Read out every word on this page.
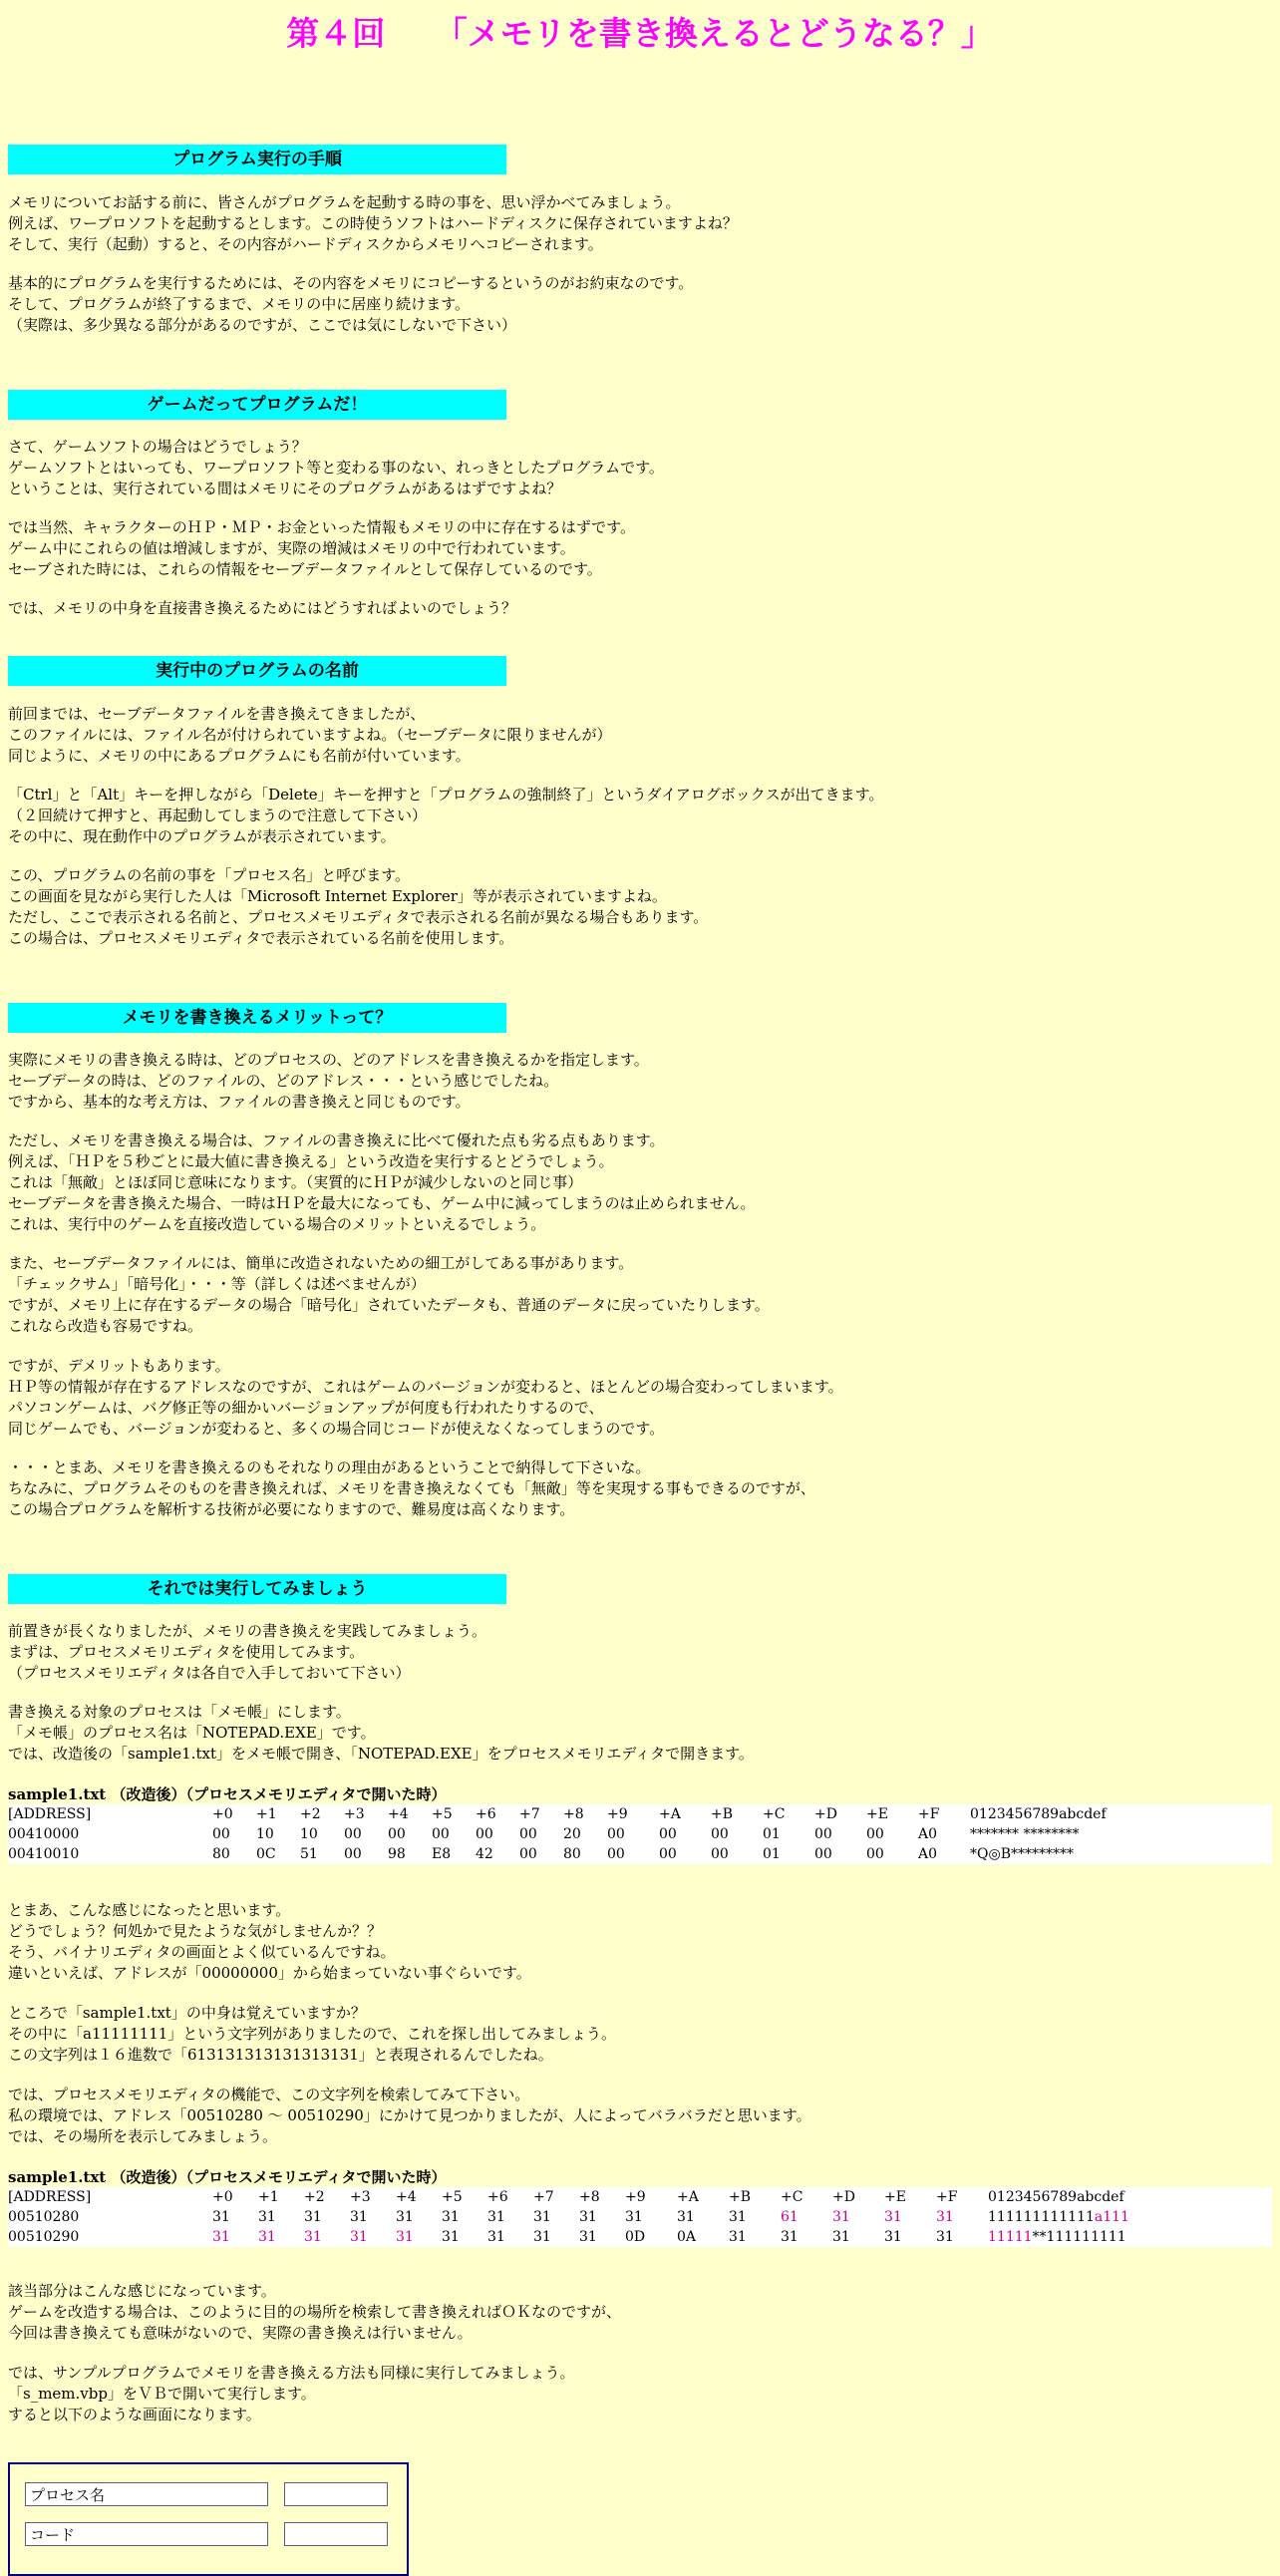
第４回　　「メモリを書き換えるとどうなる？」
プログラム実行の手順
メモリについてお話する前に、皆さんがプログラムを起動する時の事を、思い浮かべてみましょう。
例えば、ワープロソフトを起動するとします。この時使うソフトはハードディスクに保存されていますよね？
そして、実行（起動）すると、その内容がハードディスクからメモリへコピーされます。
基本的にプログラムを実行するためには、その内容をメモリにコピーするというのがお約束なのです。
そして、プログラムが終了するまで、メモリの中に居座り続けます。
（実際は、多少異なる部分があるのですが、ここでは気にしないで下さい）
ゲームだってプログラムだ！
さて、ゲームソフトの場合はどうでしょう？
ゲームソフトとはいっても、ワープロソフト等と変わる事のない、れっきとしたプログラムです。
ということは、実行されている間はメモリにそのプログラムがあるはずですよね？
では当然、キャラクターのＨＰ・ＭＰ・お金といった情報もメモリの中に存在するはずです。
ゲーム中にこれらの値は増減しますが、実際の増減はメモリの中で行われています。
セーブされた時には、これらの情報をセーブデータファイルとして保存しているのです。
では、メモリの中身を直接書き換えるためにはどうすればよいのでしょう？
実行中のプログラムの名前
前回までは、セーブデータファイルを書き換えてきましたが、
このファイルには、ファイル名が付けられていますよね。（セーブデータに限りませんが）
同じように、メモリの中にあるプログラムにも名前が付いています。
「Ctrl」と「Alt」キーを押しながら「Delete」キーを押すと「プログラムの強制終了」というダイアログボックスが出てきます。
（２回続けて押すと、再起動してしまうので注意して下さい）
その中に、現在動作中のプログラムが表示されています。
この、プログラムの名前の事を「プロセス名」と呼びます。
この画面を見ながら実行した人は「Microsoft Internet Explorer」等が表示されていますよね。
ただし、ここで表示される名前と、プロセスメモリエディタで表示される名前が異なる場合もあります。
この場合は、プロセスメモリエディタで表示されている名前を使用します。
メモリを書き換えるメリットって？
実際にメモリの書き換える時は、どのプロセスの、どのアドレスを書き換えるかを指定します。
セーブデータの時は、どのファイルの、どのアドレス・・・という感じでしたね。
ですから、基本的な考え方は、ファイルの書き換えと同じものです。
ただし、メモリを書き換える場合は、ファイルの書き換えに比べて優れた点も劣る点もあります。
例えば、「ＨＰを５秒ごとに最大値に書き換える」という改造を実行するとどうでしょう。
これは「無敵」とほぼ同じ意味になります。（実質的にＨＰが減少しないのと同じ事）
セーブデータを書き換えた場合、一時はＨＰを最大になっても、ゲーム中に減ってしまうのは止められません。
これは、実行中のゲームを直接改造している場合のメリットといえるでしょう。
また、セーブデータファイルには、簡単に改造されないための細工がしてある事があります。
「チェックサム」「暗号化」・・・等（詳しくは述べませんが）
ですが、メモリ上に存在するデータの場合「暗号化」されていたデータも、普通のデータに戻っていたりします。
これなら改造も容易ですね。
ですが、デメリットもあります。
ＨＰ等の情報が存在するアドレスなのですが、これはゲームのバージョンが変わると、ほとんどの場合変わってしまいます。
パソコンゲームは、バグ修正等の細かいバージョンアップが何度も行われたりするので、
同じゲームでも、バージョンが変わると、多くの場合同じコードが使えなくなってしまうのです。
・・・とまあ、メモリを書き換えるのもそれなりの理由があるということで納得して下さいな。
ちなみに、プログラムそのものを書き換えれば、メモリを書き換えなくても「無敵」等を実現する事もできるのですが、
この場合プログラムを解析する技術が必要になりますので、難易度は高くなります。
それでは実行してみましょう
前置きが長くなりましたが、メモリの書き換えを実践してみましょう。
まずは、プロセスメモリエディタを使用してみます。
（プロセスメモリエディタは各自で入手しておいて下さい）
書き換える対象のプロセスは「メモ帳」にします。
「メモ帳」のプロセス名は「NOTEPAD.EXE」です。
では、改造後の「sample1.txt」をメモ帳で開き、「NOTEPAD.EXE」をプロセスメモリエディタで開きます。
sample1.txt （改造後）（プロセスメモリエディタで開いた時）
[ADDRESS]	+0	+1	+2	+3	+4	+5	+6	+7	+8	+9	+A	+B	+C	+D	+E	+F	0123456789abcdef
00410000	00	10	10	00	00	00	00	00	20	00	00	00	01	00	00	A0	******* ********
00410010	80	0C	51	00	98	E8	42	00	80	00	00	00	01	00	00	A0	*Q◎B*********
とまあ、こんな感じになったと思います。
どうでしょう？何処かで見たような気がしませんか？？
そう、バイナリエディタの画面とよく似ているんですね。
違いといえば、アドレスが「00000000」から始まっていない事ぐらいです。
ところで「sample1.txt」の中身は覚えていますか？
その中に「a11111111」という文字列がありましたので、これを探し出してみましょう。
この文字列は１６進数で「613131313131313131」と表現されるんでしたね。
では、プロセスメモリエディタの機能で、この文字列を検索してみて下さい。
私の環境では、アドレス「00510280 ～ 00510290」にかけて見つかりましたが、人によってバラバラだと思います。
では、その場所を表示してみましょう。
sample1.txt （改造後）（プロセスメモリエディタで開いた時）
[ADDRESS]	+0	+1	+2	+3	+4	+5	+6	+7	+8	+9	+A	+B	+C	+D	+E	+F	0123456789abcdef
00510280	31	31	31	31	31	31	31	31	31	31	31	31	61	31	31	31	111111111111a111
00510290	31	31	31	31	31	31	31	31	31	0D	0A	31	31	31	31	31	11111**111111111
該当部分はこんな感じになっています。
ゲームを改造する場合は、このように目的の場所を検索して書き換えればＯＫなのですが、
今回は書き換えても意味がないので、実際の書き換えは行いません。
では、サンプルプログラムでメモリを書き換える方法も同様に実行してみましょう。
「s_mem.vbp」をＶＢで開いて実行します。
すると以下のような画面になります。
プロセス名
コード
